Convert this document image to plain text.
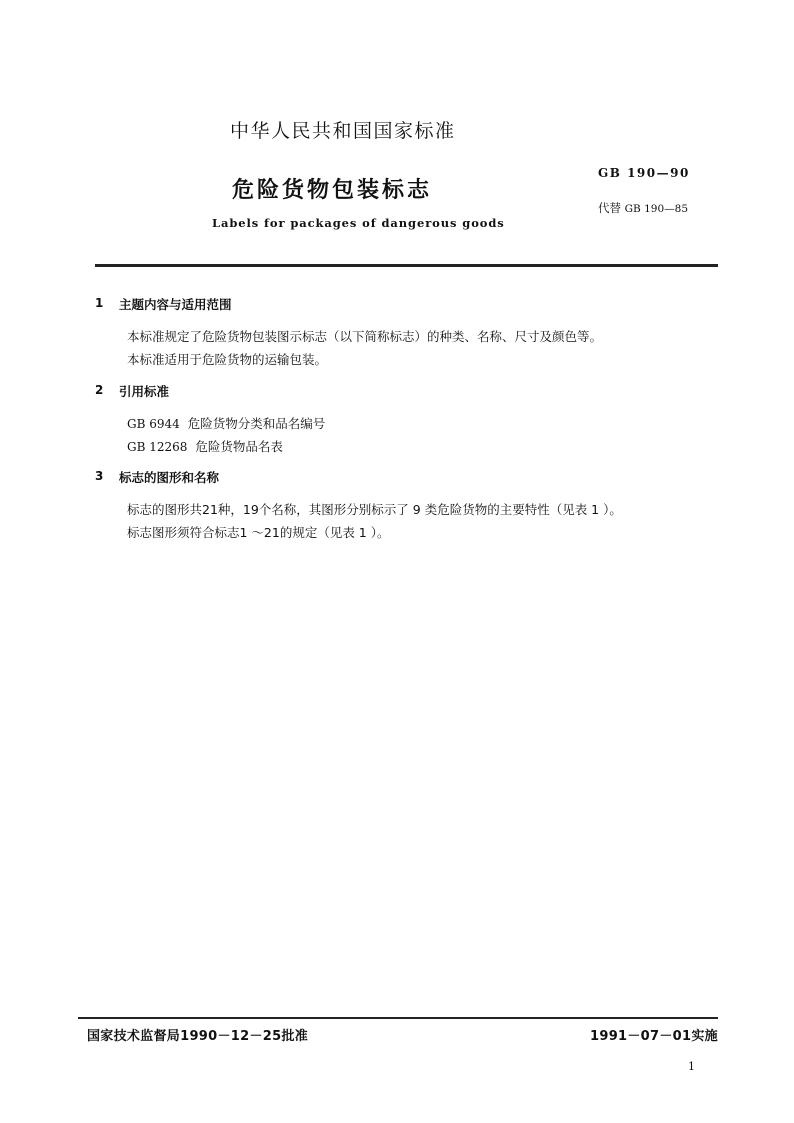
中华人民共和国国家标准
危险货物包装标志
Labels for packages of dangerous goods
GB 190—90
代替 GB 190—85
1 主题内容与适用范围
本标准规定了危险货物包装图示标志（以下简称标志）的种类、名称、尺寸及颜色等。
本标准适用于危险货物的运输包装。
2 引用标准
GB 6944 危险货物分类和品名编号
GB 12268 危险货物品名表
3 标志的图形和名称
标志的图形共21种，19个名称，其图形分别标示了 9 类危险货物的主要特性（见表 1 ）。
标志图形须符合标志1 ～21的规定（见表 1 ）。
国家技术监督局1990－12－25批准	1991－07－01实施
1
